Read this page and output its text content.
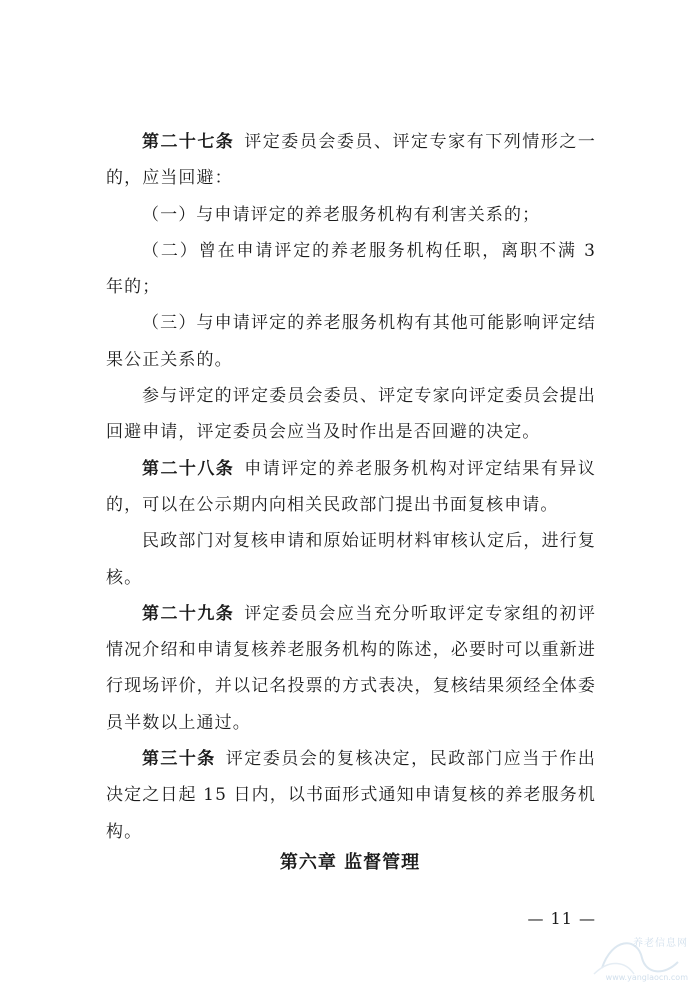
第二十七条 评定委员会委员、评定专家有下列情形之一的，应当回避：

（一）与申请评定的养老服务机构有利害关系的；

（二）曾在申请评定的养老服务机构任职，离职不满 3 年的；

（三）与申请评定的养老服务机构有其他可能影响评定结果公正关系的。

参与评定的评定委员会委员、评定专家向评定委员会提出回避申请，评定委员会应当及时作出是否回避的决定。

第二十八条 申请评定的养老服务机构对评定结果有异议的，可以在公示期内向相关民政部门提出书面复核申请。

民政部门对复核申请和原始证明材料审核认定后，进行复核。

第二十九条 评定委员会应当充分听取评定专家组的初评情况介绍和申请复核养老服务机构的陈述，必要时可以重新进行现场评价，并以记名投票的方式表决，复核结果须经全体委员半数以上通过。

第三十条 评定委员会的复核决定，民政部门应当于作出决定之日起 15 日内，以书面形式通知申请复核的养老服务机构。

第六章 监督管理
— 11 —
养老信息网
www.yanglaocn.com
